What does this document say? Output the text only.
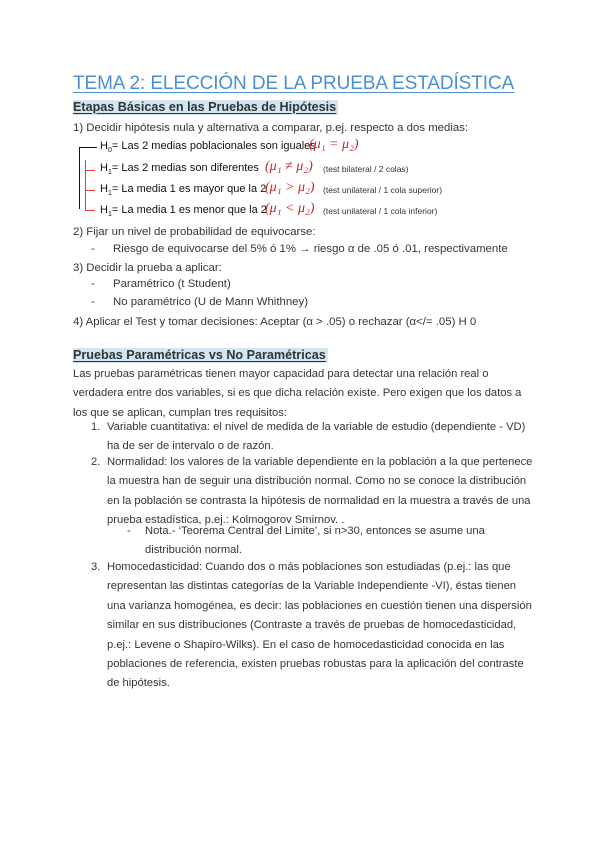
TEMA 2: ELECCIÓN DE LA PRUEBA ESTADÍSTICA
Etapas Básicas en las Pruebas de Hipótesis
1) Decidir hipótesis nula y alternativa a comparar, p.ej. respecto a dos medias:
$H_0=$ Las 2 medias poblacionales son iguales
(μ₁ = μ₂)
$H_1=$ Las 2 medias son diferentes (μ₁ ≠ μ₂) (test bilateral / 2 colas)
$H_1= La$ media 1 es mayor que la 2
(μ₁ > μ₂) (test unilateral / 1 cola superior)
$H_1= La$ media 1 es menor que la 2
(μ₁ < μ₂) (test unilateral / 1 cola inferior)
2) Fijar un nivel de probabilidad de equivocarse:
- Riesgo de equivocarse del 5% ó 1% → riesgo α de .05 ó .01, respectivamente
3) Decidir la prueba a aplicar:
- Paramétrico (t Student)
- No paramétrico (U de Mann Whithney)
4) Aplicar el Test y tomar decisiones: Aceptar (α > .05) o rechazar (α</= .05) H 0
Pruebas Paramétricas vs No Paramétricas
Las pruebas paramétricas tienen mayor capacidad para detectar una relación real o verdadera entre dos variables, si es que dicha relación existe. Pero exigen que los datos a los que se aplican, cumplan tres requisitos:
1. Variable cuantitativa: el nivel de medida de la variable de estudio (dependiente - VD) ha de ser de intervalo o de razón.
2. Normalidad: los valores de la variable dependiente en la población a la que pertenece la muestra han de seguir una distribución normal. Como no se conoce la distribución en la población se contrasta la hipótesis de normalidad en la muestra a través de una prueba estadística, p.ej.: Kolmogorov Smirnov. .
- Nota.- ‘Teorema Central del Limite’, si n>30, entonces se asume una distribución normal.
3. Homocedasticidad: Cuando dos o más poblaciones son estudiadas (p.ej.: las que representan las distintas categorías de la Variable Independiente -VI), éstas tienen una varianza homogénea, es decir: las poblaciones en cuestión tienen una dispersión similar en sus distribuciones (Contraste a través de pruebas de homocedasticidad, p.ej.: Levene o Shapiro-Wilks). En el caso de homocedasticidad conocida en las poblaciones de referencia, existen pruebas robustas para la aplicación del contraste de hipótesis.
